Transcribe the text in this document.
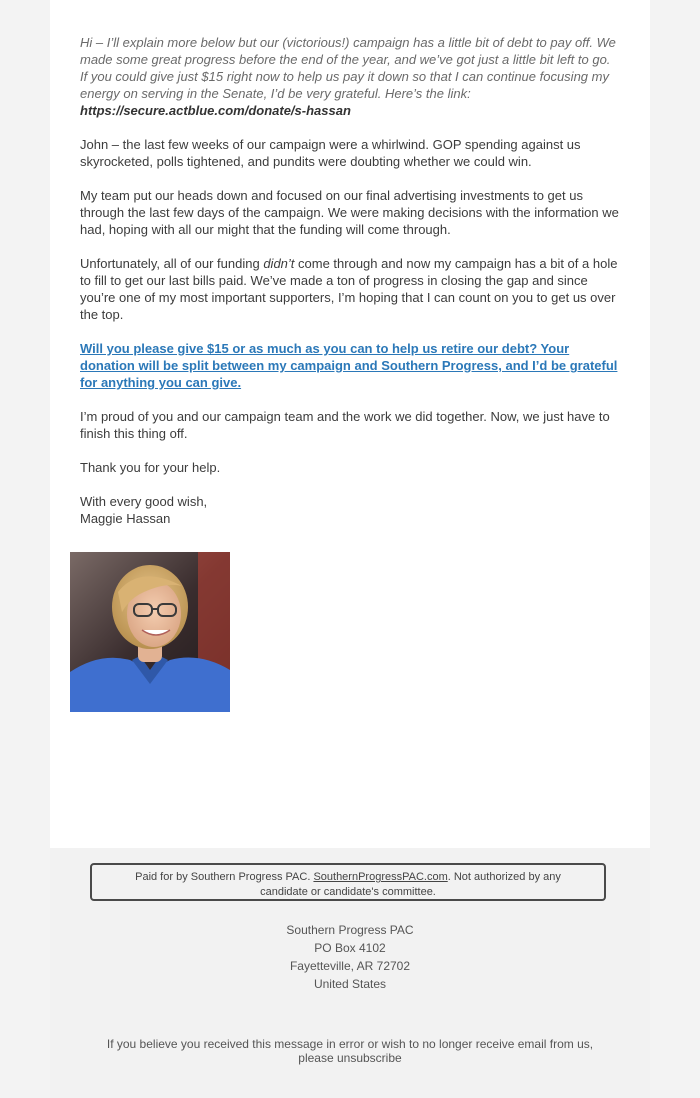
Hi – I’ll explain more below but our (victorious!) campaign has a little bit of debt to pay off. We made some great progress before the end of the year, and we’ve got just a little bit left to go. If you could give just $15 right now to help us pay it down so that I can continue focusing my energy on serving in the Senate, I’d be very grateful. Here’s the link: https://secure.actblue.com/donate/s-hassan

John – the last few weeks of our campaign were a whirlwind. GOP spending against us skyrocketed, polls tightened, and pundits were doubting whether we could win.

My team put our heads down and focused on our final advertising investments to get us through the last few days of the campaign. We were making decisions with the information we had, hoping with all our might that the funding will come through.

Unfortunately, all of our funding didn’t come through and now my campaign has a bit of a hole to fill to get our last bills paid. We’ve made a ton of progress in closing the gap and since you’re one of my most important supporters, I’m hoping that I can count on you to get us over the top.

Will you please give $15 or as much as you can to help us retire our debt? Your donation will be split between my campaign and Southern Progress, and I’d be grateful for anything you can give.

I’m proud of you and our campaign team and the work we did together. Now, we just have to finish this thing off.

Thank you for your help.

With every good wish,
Maggie Hassan

Paid for by Southern Progress PAC. SouthernProgressPAC.com. Not authorized by any candidate or candidate's committee.
Southern Progress PAC
PO Box 4102
Fayetteville, AR 72702
United States
If you believe you received this message in error or wish to no longer receive email from us, please unsubscribe
